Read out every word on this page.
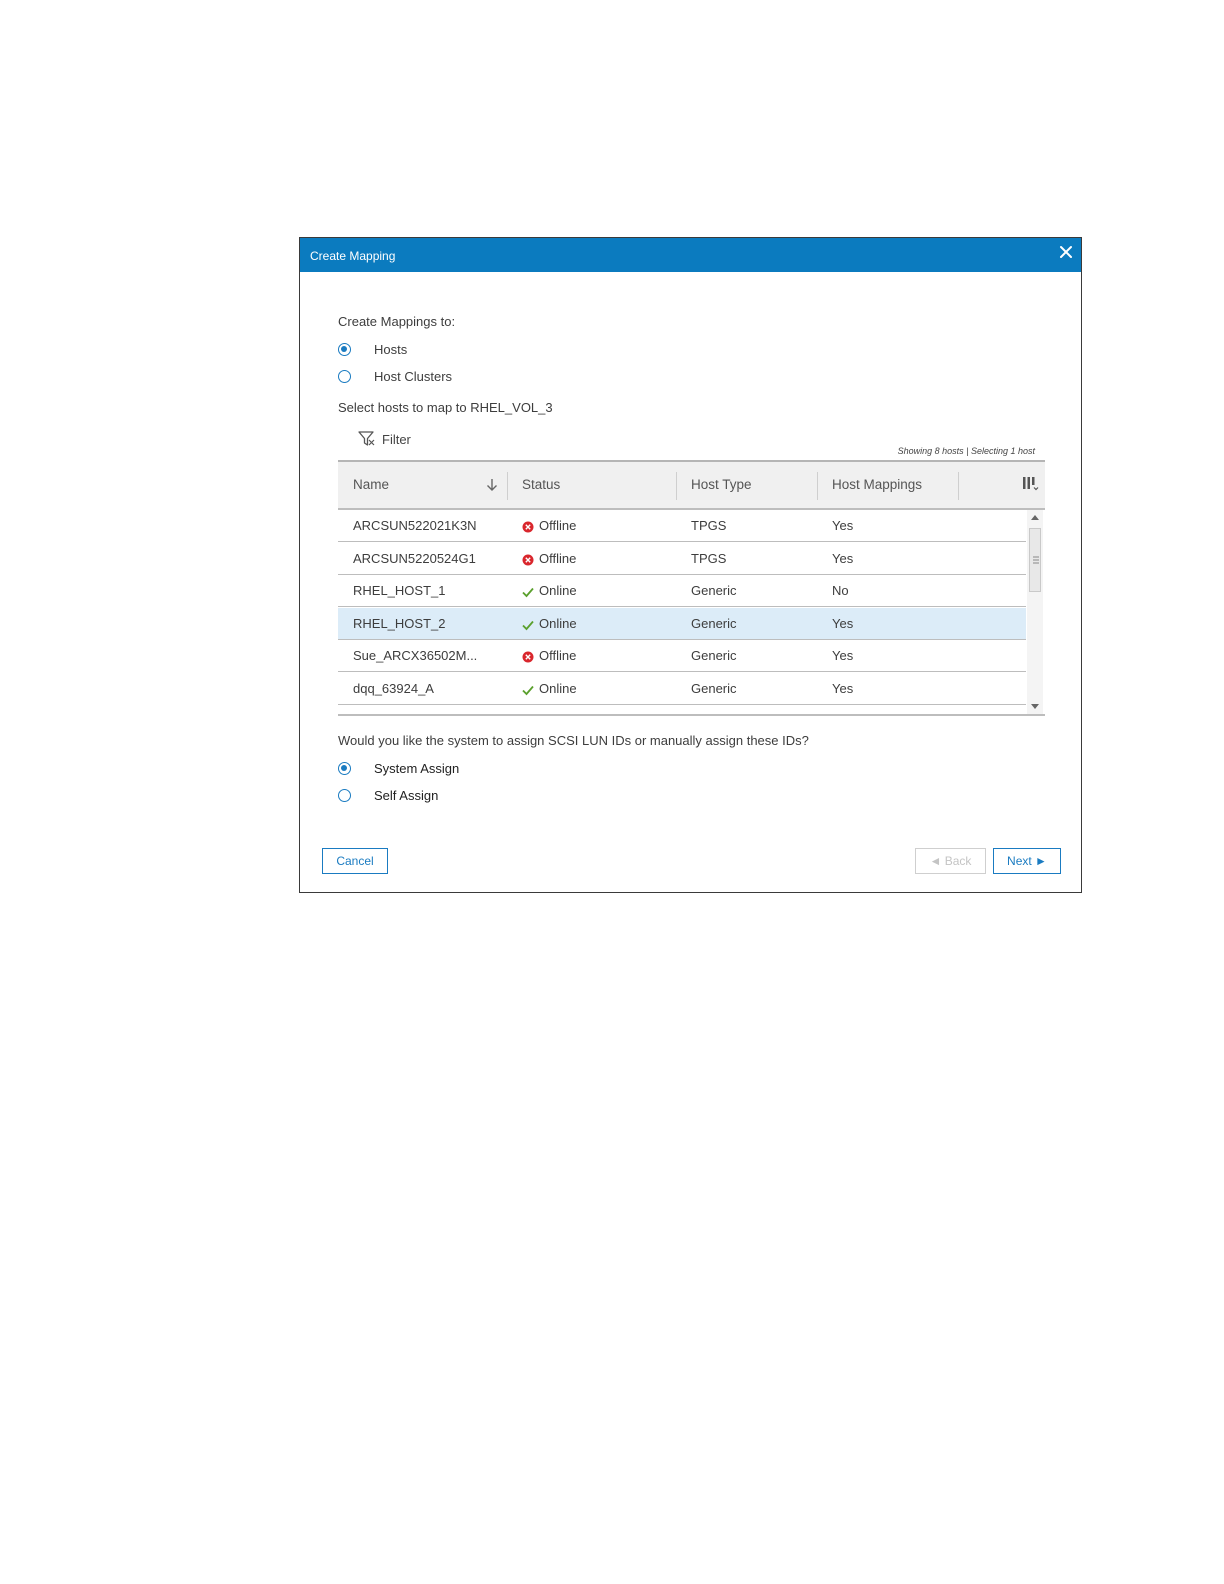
Create Mapping
Create Mappings to:
Hosts
Host Clusters
Select hosts to map to RHEL_VOL_3
Filter
Showing 8 hosts | Selecting 1 host
Name	Status	Host Type	Host Mappings
ARCSUN522021K3N	Offline	TPGS	Yes
ARCSUN5220524G1	Offline	TPGS	Yes
RHEL_HOST_1	Online	Generic	No
RHEL_HOST_2	Online	Generic	Yes
Sue_ARCX36502M...	Offline	Generic	Yes
dqq_63924_A	Online	Generic	Yes
Would you like the system to assign SCSI LUN IDs or manually assign these IDs?
System Assign
Self Assign
Cancel	◄ Back	Next ►
